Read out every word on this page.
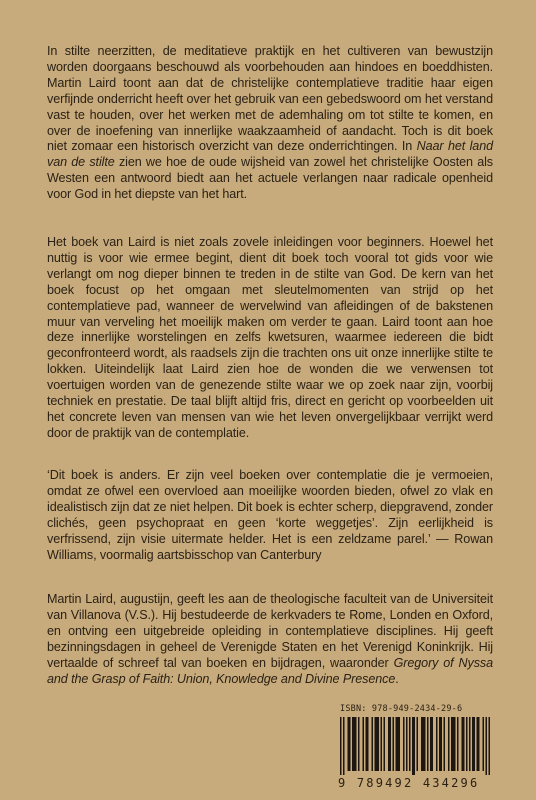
In stilte neerzitten, de meditatieve praktijk en het cultiveren van bewustzijn worden doorgaans beschouwd als voorbehouden aan hindoes en boeddhisten. Martin Laird toont aan dat de christelijke contemplatieve traditie haar eigen verfijnde onderricht heeft over het gebruik van een gebedswoord om het verstand vast te houden, over het werken met de ademhaling om tot stilte te komen, en over de inoefening van innerlijke waakzaamheid of aandacht. Toch is dit boek niet zomaar een historisch overzicht van deze onderrichtingen. In Naar het land van de stilte zien we hoe de oude wijsheid van zowel het christelijke Oosten als Westen een antwoord biedt aan het actuele verlangen naar radicale openheid voor God in het diepste van het hart.

Het boek van Laird is niet zoals zovele inleidingen voor beginners. Hoewel het nuttig is voor wie ermee begint, dient dit boek toch vooral tot gids voor wie verlangt om nog dieper binnen te treden in de stilte van God. De kern van het boek focust op het omgaan met sleutelmomenten van strijd op het contemplatieve pad, wanneer de wervelwind van afleidingen of de bakstenen muur van verveling het moeilijk maken om verder te gaan. Laird toont aan hoe deze innerlijke worstelingen en zelfs kwetsuren, waarmee iedereen die bidt geconfronteerd wordt, als raadsels zijn die trachten ons uit onze innerlijke stilte te lokken. Uiteindelijk laat Laird zien hoe de wonden die we verwensen tot voertuigen worden van de genezende stilte waar we op zoek naar zijn, voorbij techniek en prestatie. De taal blijft altijd fris, direct en gericht op voorbeelden uit het concrete leven van mensen van wie het leven onvergelijkbaar verrijkt werd door de praktijk van de contemplatie.

‘Dit boek is anders. Er zijn veel boeken over contemplatie die je vermoeien, omdat ze ofwel een overvloed aan moeilijke woorden bieden, ofwel zo vlak en idealistisch zijn dat ze niet helpen. Dit boek is echter scherp, diepgravend, zonder clichés, geen psychopraat en geen ‘korte weggetjes’. Zijn eerlijkheid is verfrissend, zijn visie uitermate helder. Het is een zeldzame parel.’ — Rowan Williams, voormalig aartsbisschop van Canterbury

Martin Laird, augustijn, geeft les aan de theologische faculteit van de Universiteit van Villanova (V.S.). Hij bestudeerde de kerkvaders te Rome, Londen en Oxford, en ontving een uitgebreide opleiding in contemplatieve disciplines. Hij geeft bezinningsdagen in geheel de Verenigde Staten en het Verenigd Koninkrijk. Hij vertaalde of schreef tal van boeken en bijdragen, waaronder Gregory of Nyssa and the Grasp of Faith: Union, Knowledge and Divine Presence.

ISBN: 978-949-2434-29-6
9 789492 434296
